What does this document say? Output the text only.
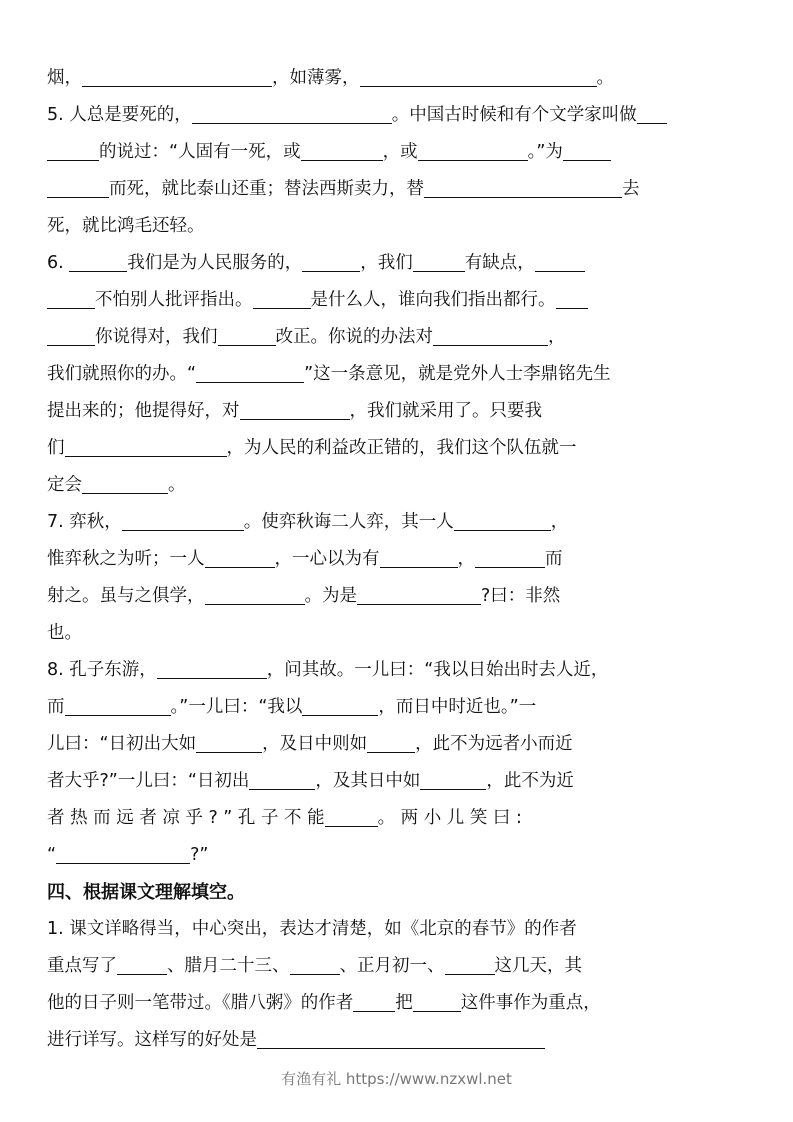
烟，	，如薄雾，	。
5. 人总是要死的，	。中国古时候和有个文学家叫做
的说过：“人固有一死，或	，或	。”为
而死，就比泰山还重；替法西斯卖力，替	去
死，就比鸿毛还轻。
6.	我们是为人民服务的，	，我们	有缺点，
不怕别人批评指出。	是什么人，谁向我们指出都行。
你说得对，我们	改正。你说的办法对	，
我们就照你的办。“	”这一条意见，就是党外人士李鼎铭先生
提出来的；他提得好，对	，我们就采用了。只要我
们	，为人民的利益改正错的，我们这个队伍就一
定会	。
7. 弈秋，	。使弈秋诲二人弈，其一人	，
惟弈秋之为听；一人	，一心以为有	，	而
射之。虽与之俱学，	。为是	?曰：非然
也。
8. 孔子东游，	，问其故。一儿曰：“我以日始出时去人近，
而	。”一儿曰：“我以	，而日中时近也。”一
儿曰：“日初出大如	，及日中则如	，此不为远者小而近
者大乎?”一儿曰：“日初出	，及其日中如	，此不为近
者 热 而 远 者 凉 乎 ? ” 孔 子 不 能	。 两 小 儿 笑 曰 :
“	?”
四、根据课文理解填空。
1. 课文详略得当，中心突出，表达才清楚，如《北京的春节》的作者
重点写了	、腊月二十三、	、正月初一、	这几天，其
他的日子则一笔带过。《腊八粥》的作者 把	这件事作为重点，
进行详写。这样写的好处是
有渔有礼 https://www.nzxwl.net
